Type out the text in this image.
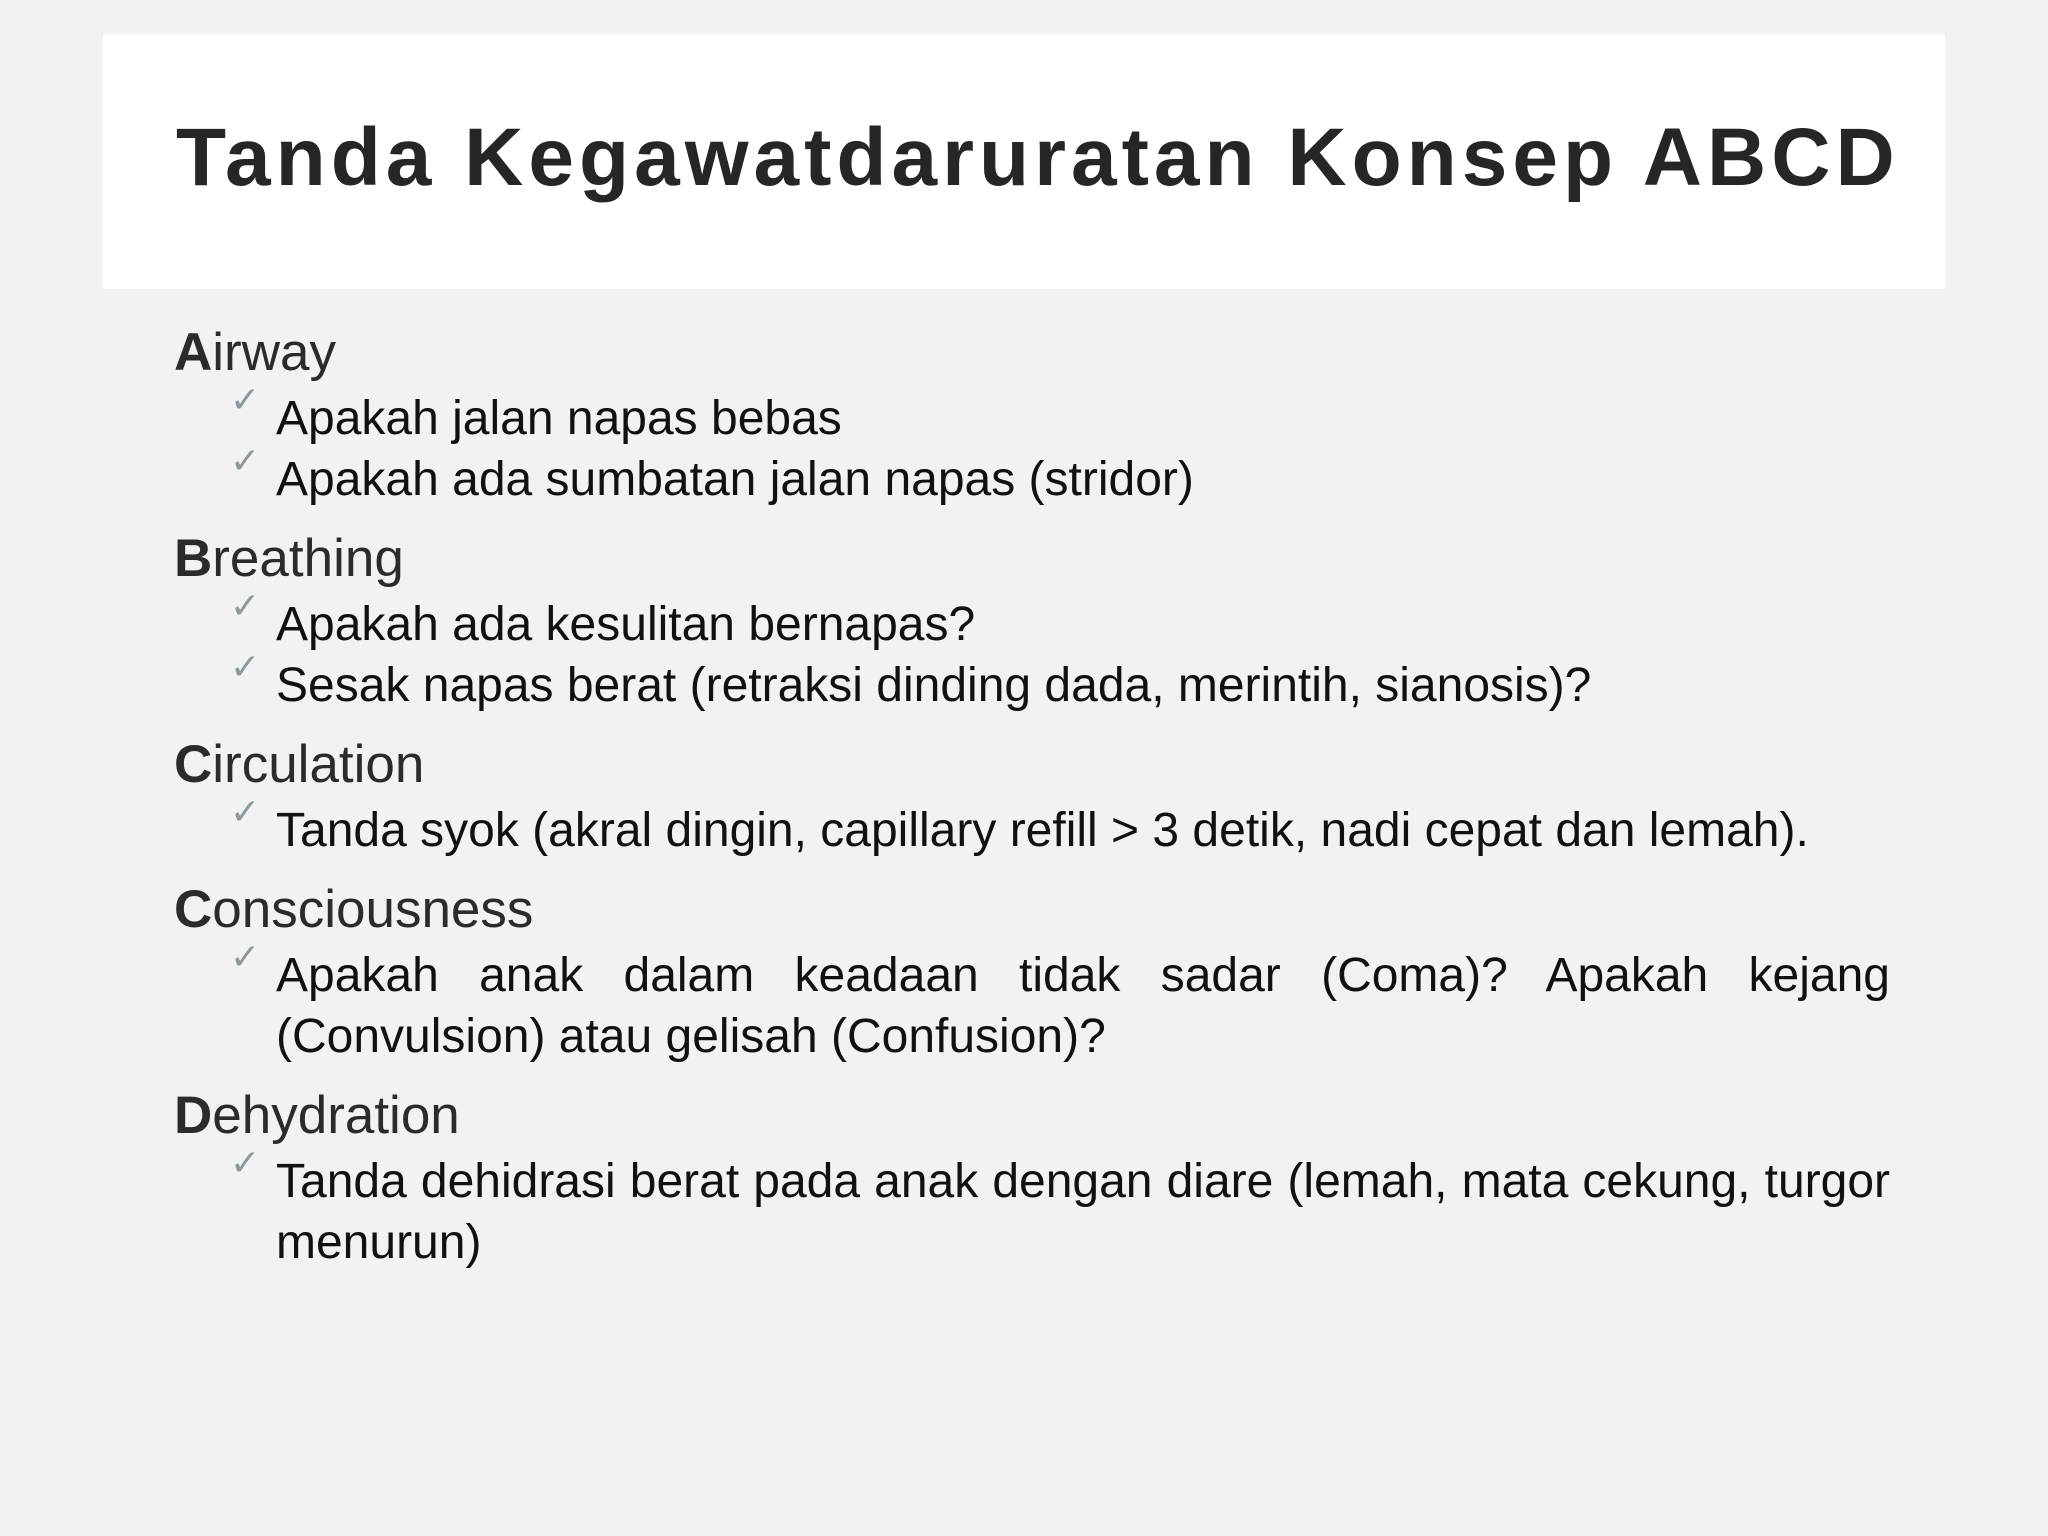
Tanda Kegawatdaruratan Konsep ABCD
Airway
✓ Apakah jalan napas bebas
✓ Apakah ada sumbatan jalan napas (stridor)
Breathing
✓ Apakah ada kesulitan bernapas?
✓ Sesak napas berat (retraksi dinding dada, merintih, sianosis)?
Circulation
✓ Tanda syok (akral dingin, capillary refill > 3 detik, nadi cepat dan lemah).
Consciousness
✓ Apakah anak dalam keadaan tidak sadar (Coma)? Apakah kejang (Convulsion) atau gelisah (Confusion)?
Dehydration
✓ Tanda dehidrasi berat pada anak dengan diare (lemah, mata cekung, turgor menurun)
